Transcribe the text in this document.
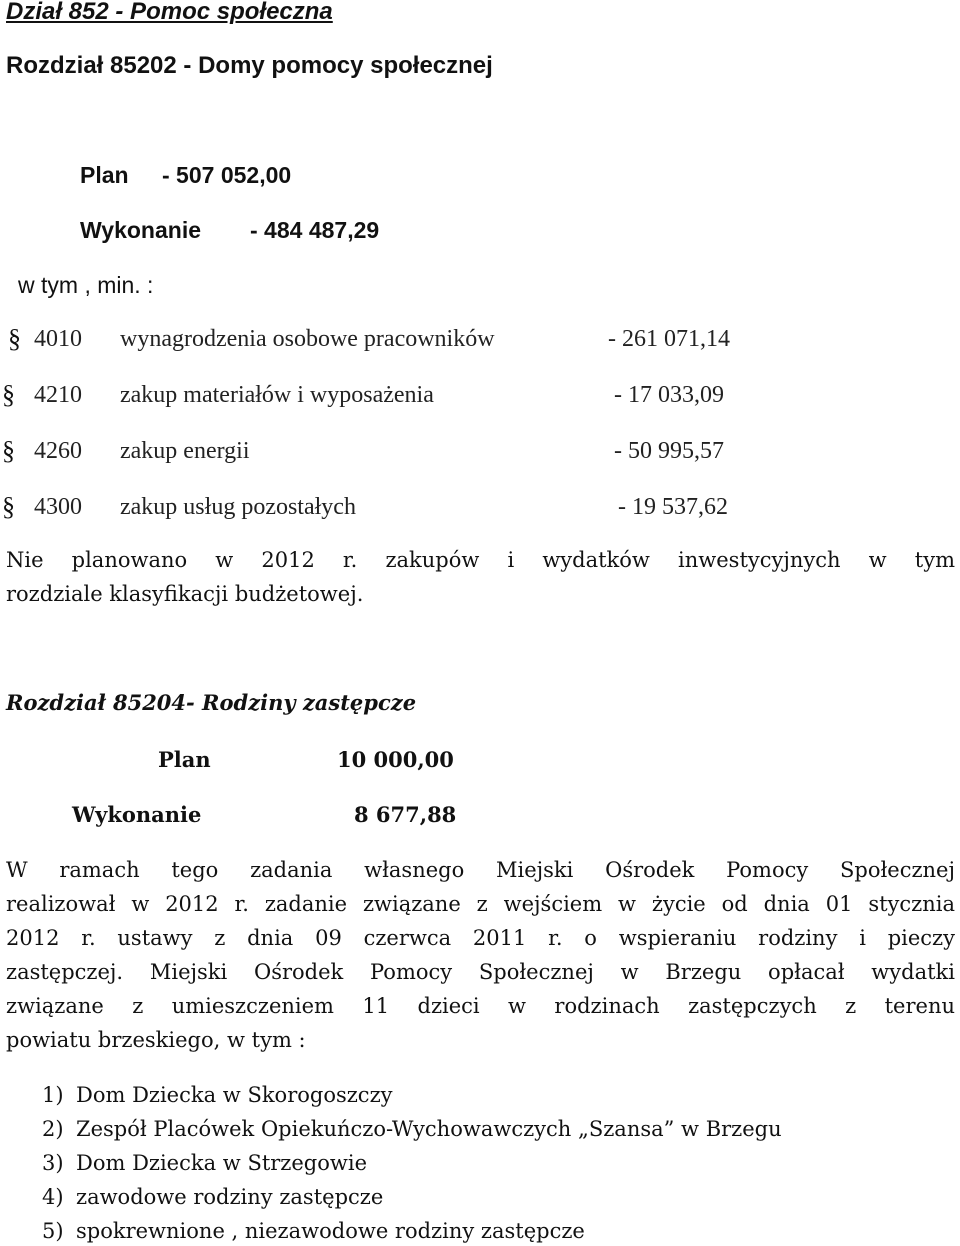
Dział 852 - Pomoc społeczna
Rozdział 85202 - Domy pomocy społecznej
Plan - 507 052,00
Wykonanie - 484 487,29
w tym , min. :
§ 4010 wynagrodzenia osobowe pracowników	- 261 071,14
§ 4210 zakup materiałów i wyposażenia	- 17 033,09
§ 4260 zakup energii	- 50 995,57
§ 4300 zakup usług pozostałych	- 19 537,62
Nie planowano w 2012 r. zakupów i wydatków inwestycyjnych w tym
rozdziale klasyfikacji budżetowej.
Rozdział 85204- Rodziny zastępcze
Plan	10 000,00
Wykonanie	8 677,88
W ramach tego zadania własnego Miejski Ośrodek Pomocy Społecznej
realizował w 2012 r. zadanie związane z wejściem w życie od dnia 01 stycznia
2012 r. ustawy z dnia 09 czerwca 2011 r. o wspieraniu rodziny i pieczy
zastępczej. Miejski Ośrodek Pomocy Społecznej w Brzegu opłacał wydatki
związane z umieszczeniem 11 dzieci w rodzinach zastępczych z terenu
powiatu brzeskiego, w tym :
1) Dom Dziecka w Skorogoszczy
2) Zespół Placówek Opiekuńczo-Wychowawczych „Szansa” w Brzegu
3) Dom Dziecka w Strzegowie
4) zawodowe rodziny zastępcze
5) spokrewnione , niezawodowe rodziny zastępcze
